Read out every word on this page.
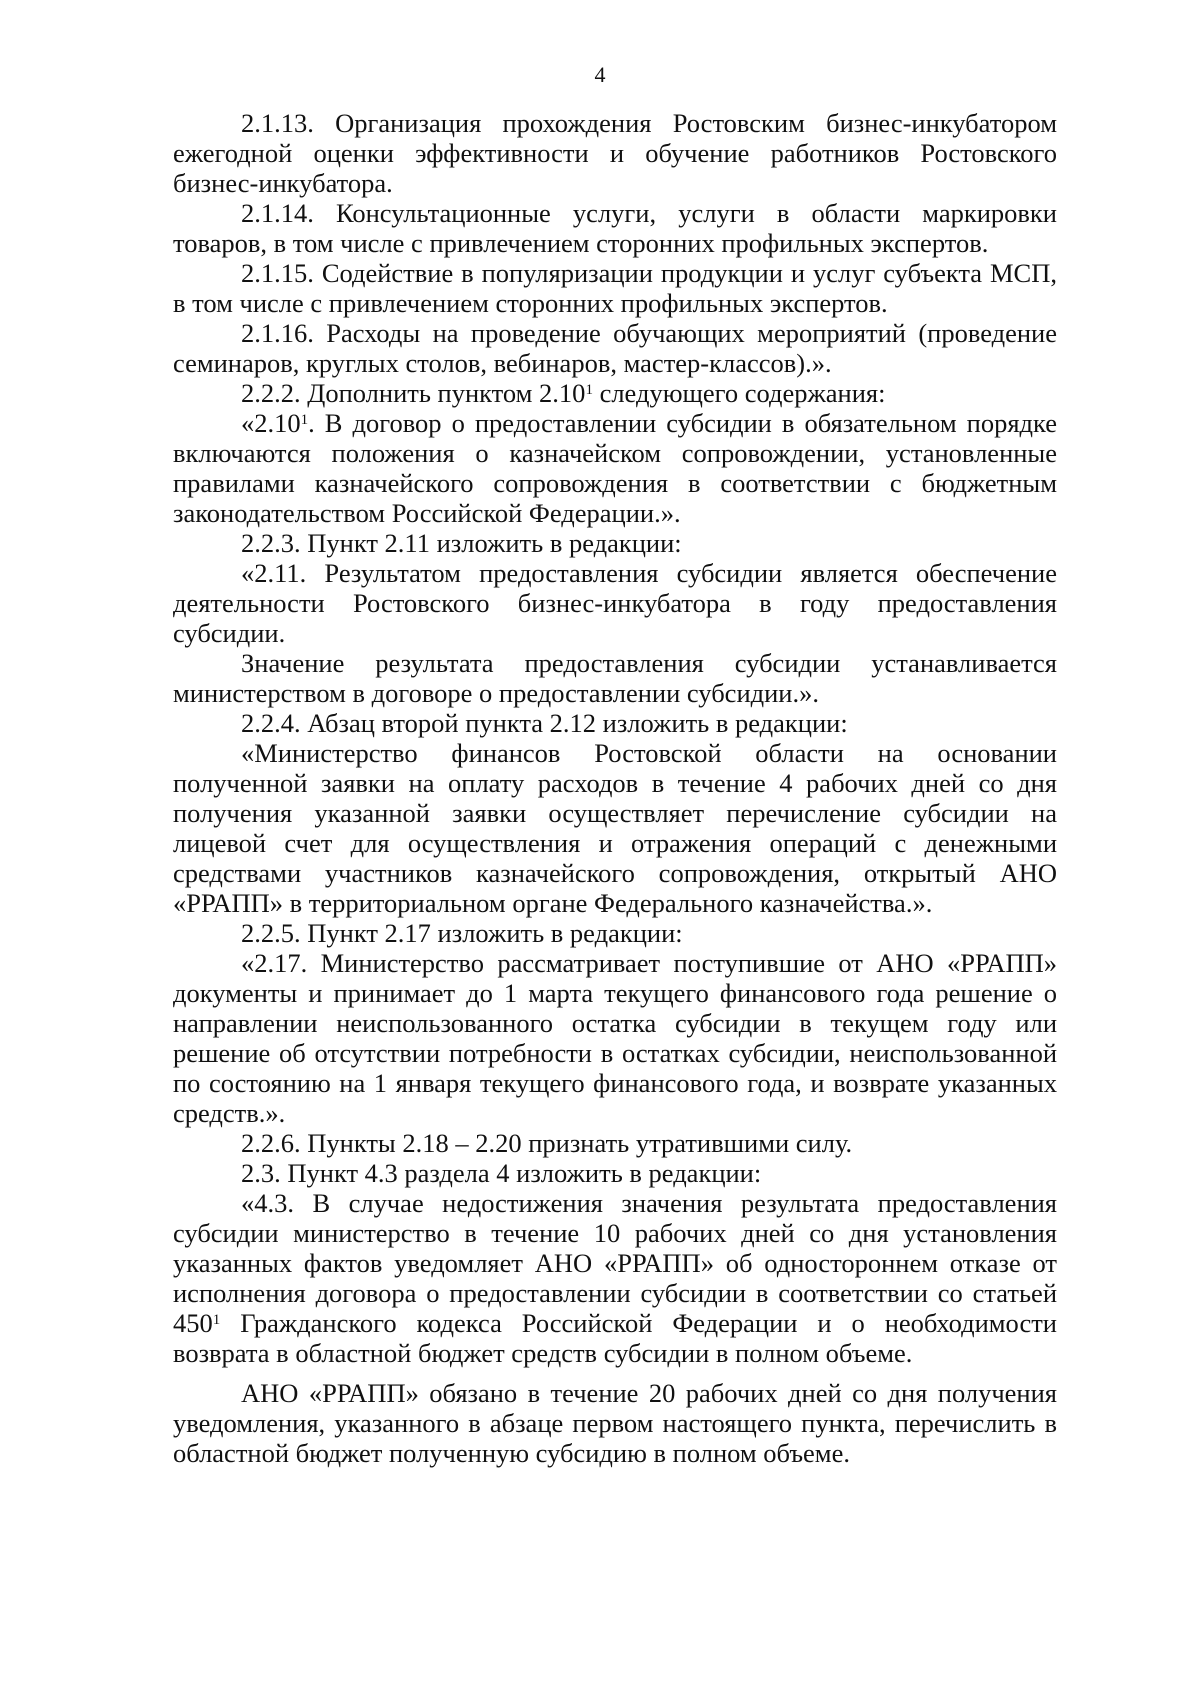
4

2.1.13. Организация прохождения Ростовским бизнес-инкубатором ежегодной оценки эффективности и обучение работников Ростовского бизнес-инкубатора.

2.1.14. Консультационные услуги, услуги в области маркировки товаров, в том числе с привлечением сторонних профильных экспертов.

2.1.15. Содействие в популяризации продукции и услуг субъекта МСП, в том числе с привлечением сторонних профильных экспертов.

2.1.16. Расходы на проведение обучающих мероприятий (проведение семинаров, круглых столов, вебинаров, мастер-классов).».

2.2.2. Дополнить пунктом 2.10$^1$ следующего содержания:

«2.10$^1$. В договор о предоставлении субсидии в обязательном порядке включаются положения о казначейском сопровождении, установленные правилами казначейского сопровождения в соответствии с бюджетным законодательством Российской Федерации.».

2.2.3. Пункт 2.11 изложить в редакции:

«2.11. Результатом предоставления субсидии является обеспечение деятельности Ростовского бизнес-инкубатора в году предоставления субсидии.

Значение результата предоставления субсидии устанавливается министерством в договоре о предоставлении субсидии.».

2.2.4. Абзац второй пункта 2.12 изложить в редакции:

«Министерство финансов Ростовской области на основании полученной заявки на оплату расходов в течение 4 рабочих дней со дня получения указанной заявки осуществляет перечисление субсидии на лицевой счет для осуществления и отражения операций с денежными средствами участников казначейского сопровождения, открытый АНО «РРАПП» в территориальном органе Федерального казначейства.».

2.2.5. Пункт 2.17 изложить в редакции:

«2.17. Министерство рассматривает поступившие от АНО «РРАПП» документы и принимает до 1 марта текущего финансового года решение о направлении неиспользованного остатка субсидии в текущем году или решение об отсутствии потребности в остатках субсидии, неиспользованной по состоянию на 1 января текущего финансового года, и возврате указанных средств.».

2.2.6. Пункты 2.18 – 2.20 признать утратившими силу.

2.3. Пункт 4.3 раздела 4 изложить в редакции:

«4.3. В случае недостижения значения результата предоставления субсидии министерство в течение 10 рабочих дней со дня установления указанных фактов уведомляет АНО «РРАПП» об одностороннем отказе от исполнения договора о предоставлении субсидии в соответствии со статьей $450^1$ Гражданского кодекса Российской Федерации и о необходимости возврата в областной бюджет средств субсидии в полном объеме.

АНО «РРАПП» обязано в течение 20 рабочих дней со дня получения уведомления, указанного в абзаце первом настоящего пункта, перечислить в областной бюджет полученную субсидию в полном объеме.
